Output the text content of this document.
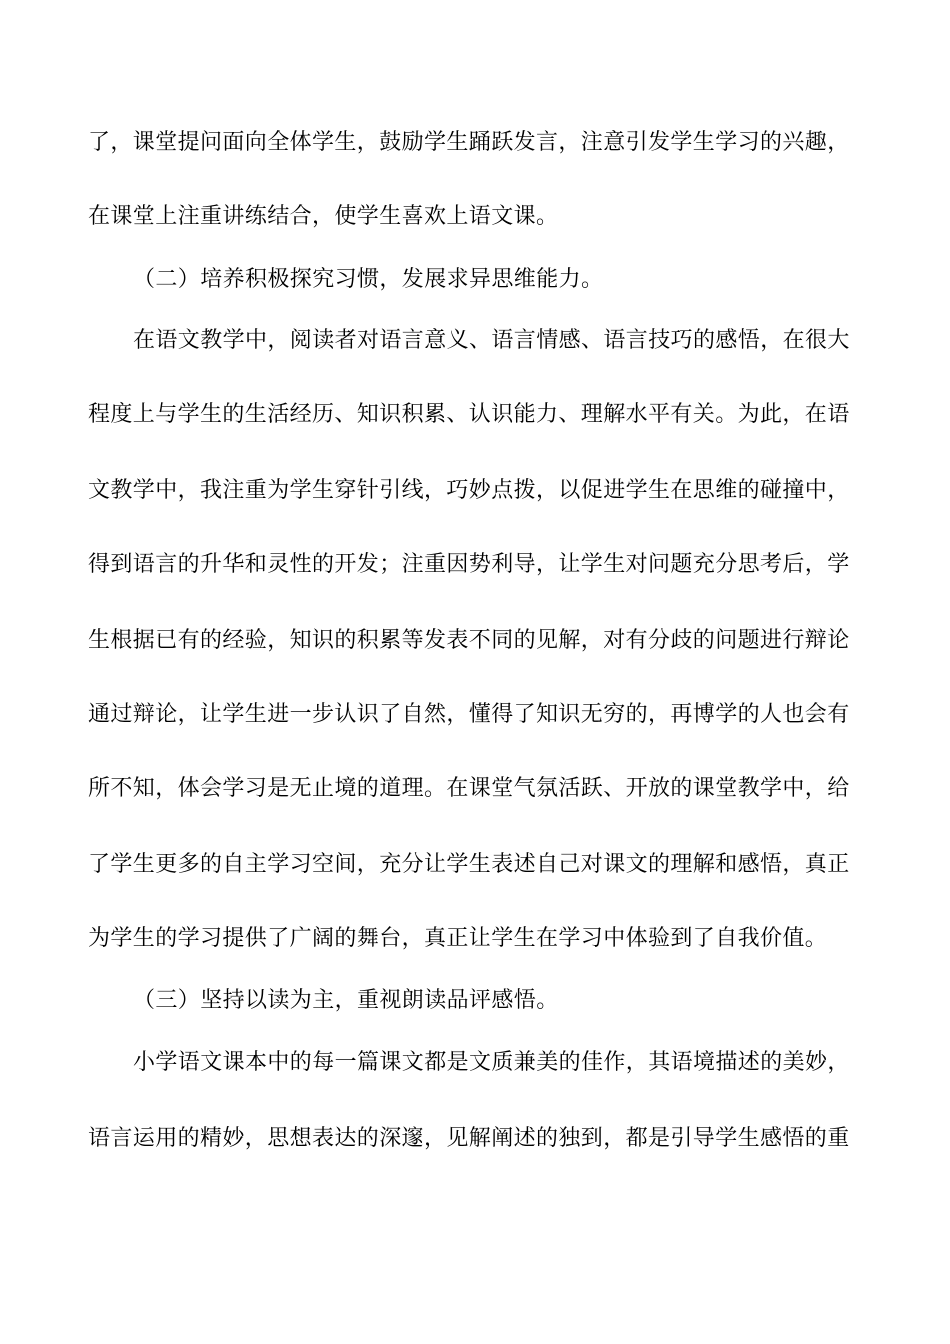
了，课堂提问面向全体学生，鼓励学生踊跃发言，注意引发学生学习的兴趣，
在课堂上注重讲练结合，使学生喜欢上语文课。
（二）培养积极探究习惯，发展求异思维能力。
在语文教学中，阅读者对语言意义、语言情感、语言技巧的感悟，在很大
程度上与学生的生活经历、知识积累、认识能力、理解水平有关。为此，在语
文教学中，我注重为学生穿针引线，巧妙点拨，以促进学生在思维的碰撞中，
得到语言的升华和灵性的开发；注重因势利导，让学生对问题充分思考后，学
生根据已有的经验，知识的积累等发表不同的见解，对有分歧的问题进行辩论
通过辩论，让学生进一步认识了自然，懂得了知识无穷的，再博学的人也会有
所不知，体会学习是无止境的道理。在课堂气氛活跃、开放的课堂教学中，给
了学生更多的自主学习空间，充分让学生表述自己对课文的理解和感悟，真正
为学生的学习提供了广阔的舞台，真正让学生在学习中体验到了自我价值。
（三）坚持以读为主，重视朗读品评感悟。
小学语文课本中的每一篇课文都是文质兼美的佳作，其语境描述的美妙，
语言运用的精妙，思想表达的深邃，见解阐述的独到，都是引导学生感悟的重
